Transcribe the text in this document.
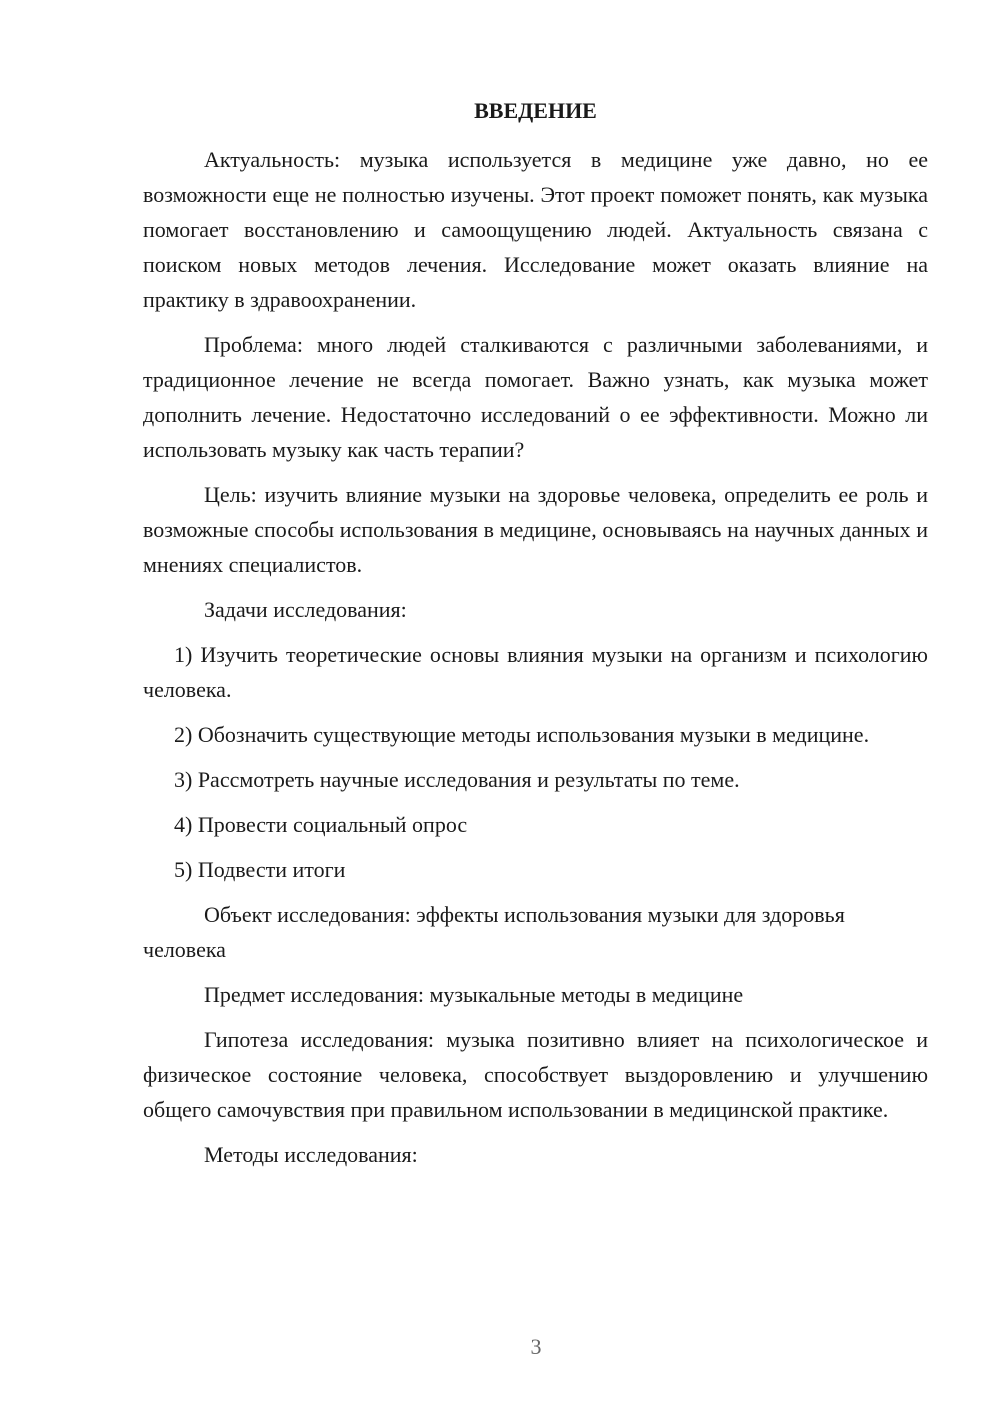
ВВЕДЕНИЕ

Актуальность: музыка используется в медицине уже давно, но ее возможности еще не полностью изучены. Этот проект поможет понять, как музыка помогает восстановлению и самоощущению людей. Актуальность связана с поиском новых методов лечения. Исследование может оказать влияние на практику в здравоохранении.

Проблема: много людей сталкиваются с различными заболеваниями, и традиционное лечение не всегда помогает. Важно узнать, как музыка может дополнить лечение. Недостаточно исследований о ее эффективности. Можно ли использовать музыку как часть терапии?

Цель: изучить влияние музыки на здоровье человека, определить ее роль и возможные способы использования в медицине, основываясь на научных данных и мнениях специалистов.

Задачи исследования:

1) Изучить теоретические основы влияния музыки на организм и психологию человека.

2) Обозначить существующие методы использования музыки в медицине.

3) Рассмотреть научные исследования и результаты по теме.

4) Провести социальный опрос

5) Подвести итоги

Объект исследования: эффекты использования музыки для здоровья человека

Предмет исследования: музыкальные методы в медицине

Гипотеза исследования: музыка позитивно влияет на психологическое и физическое состояние человека, способствует выздоровлению и улучшению общего самочувствия при правильном использовании в медицинской практике.

Методы исследования:

3
